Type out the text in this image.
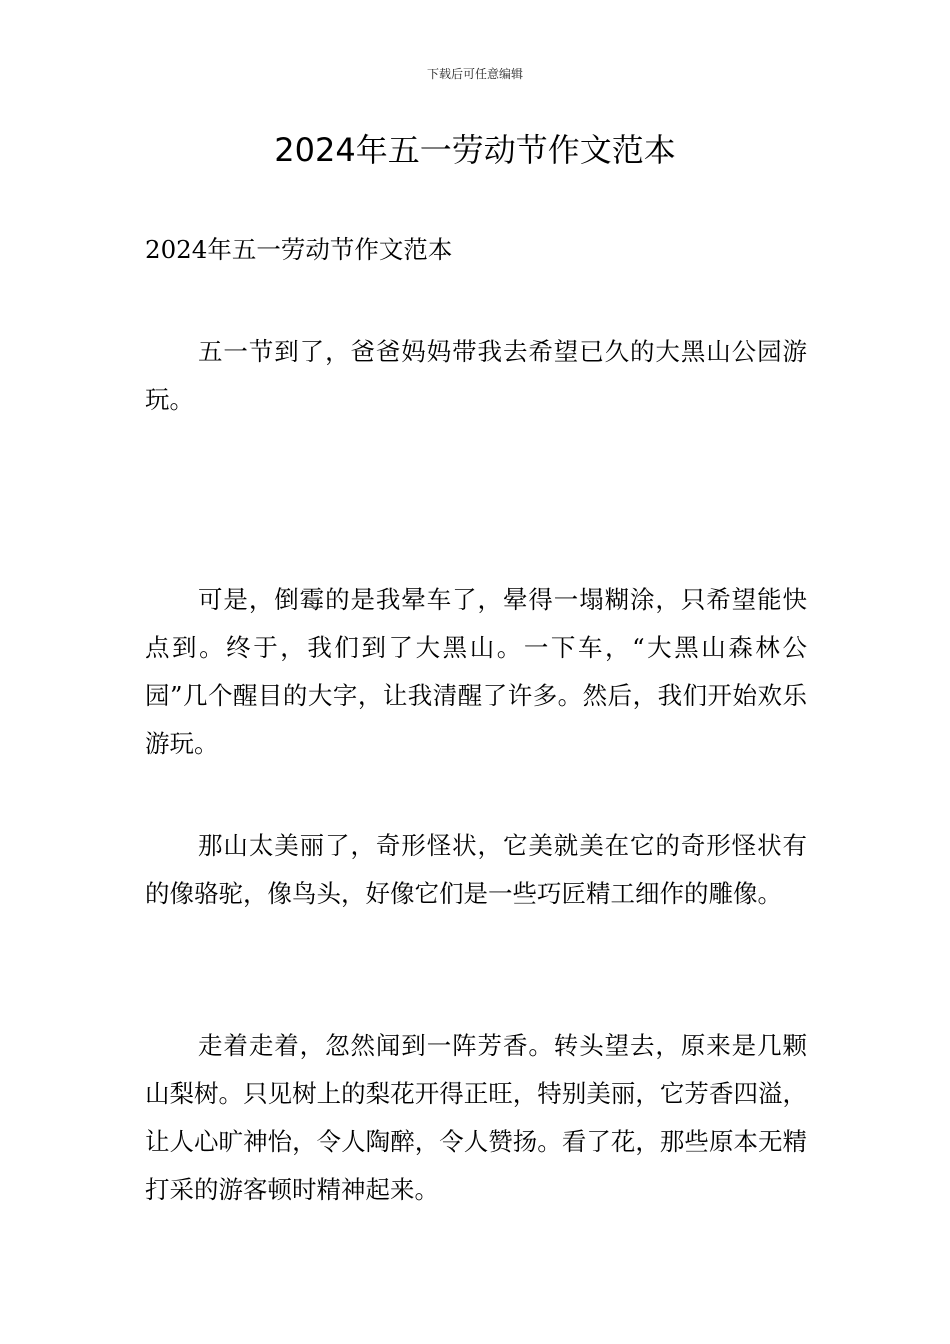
下载后可任意编辑
2024年五一劳动节作文范本

2024年五一劳动节作文范本

五一节到了，爸爸妈妈带我去希望已久的大黑山公园游玩。

可是，倒霉的是我晕车了，晕得一塌糊涂，只希望能快点到。终于，我们到了大黑山。一下车，“大黑山森林公园”几个醒目的大字，让我清醒了许多。然后，我们开始欢乐游玩。

那山太美丽了，奇形怪状，它美就美在它的奇形怪状有的像骆驼，像鸟头，好像它们是一些巧匠精工细作的雕像。

走着走着，忽然闻到一阵芳香。转头望去，原来是几颗山梨树。只见树上的梨花开得正旺，特别美丽，它芳香四溢，让人心旷神怡，令人陶醉，令人赞扬。看了花，那些原本无精打采的游客顿时精神起来。
